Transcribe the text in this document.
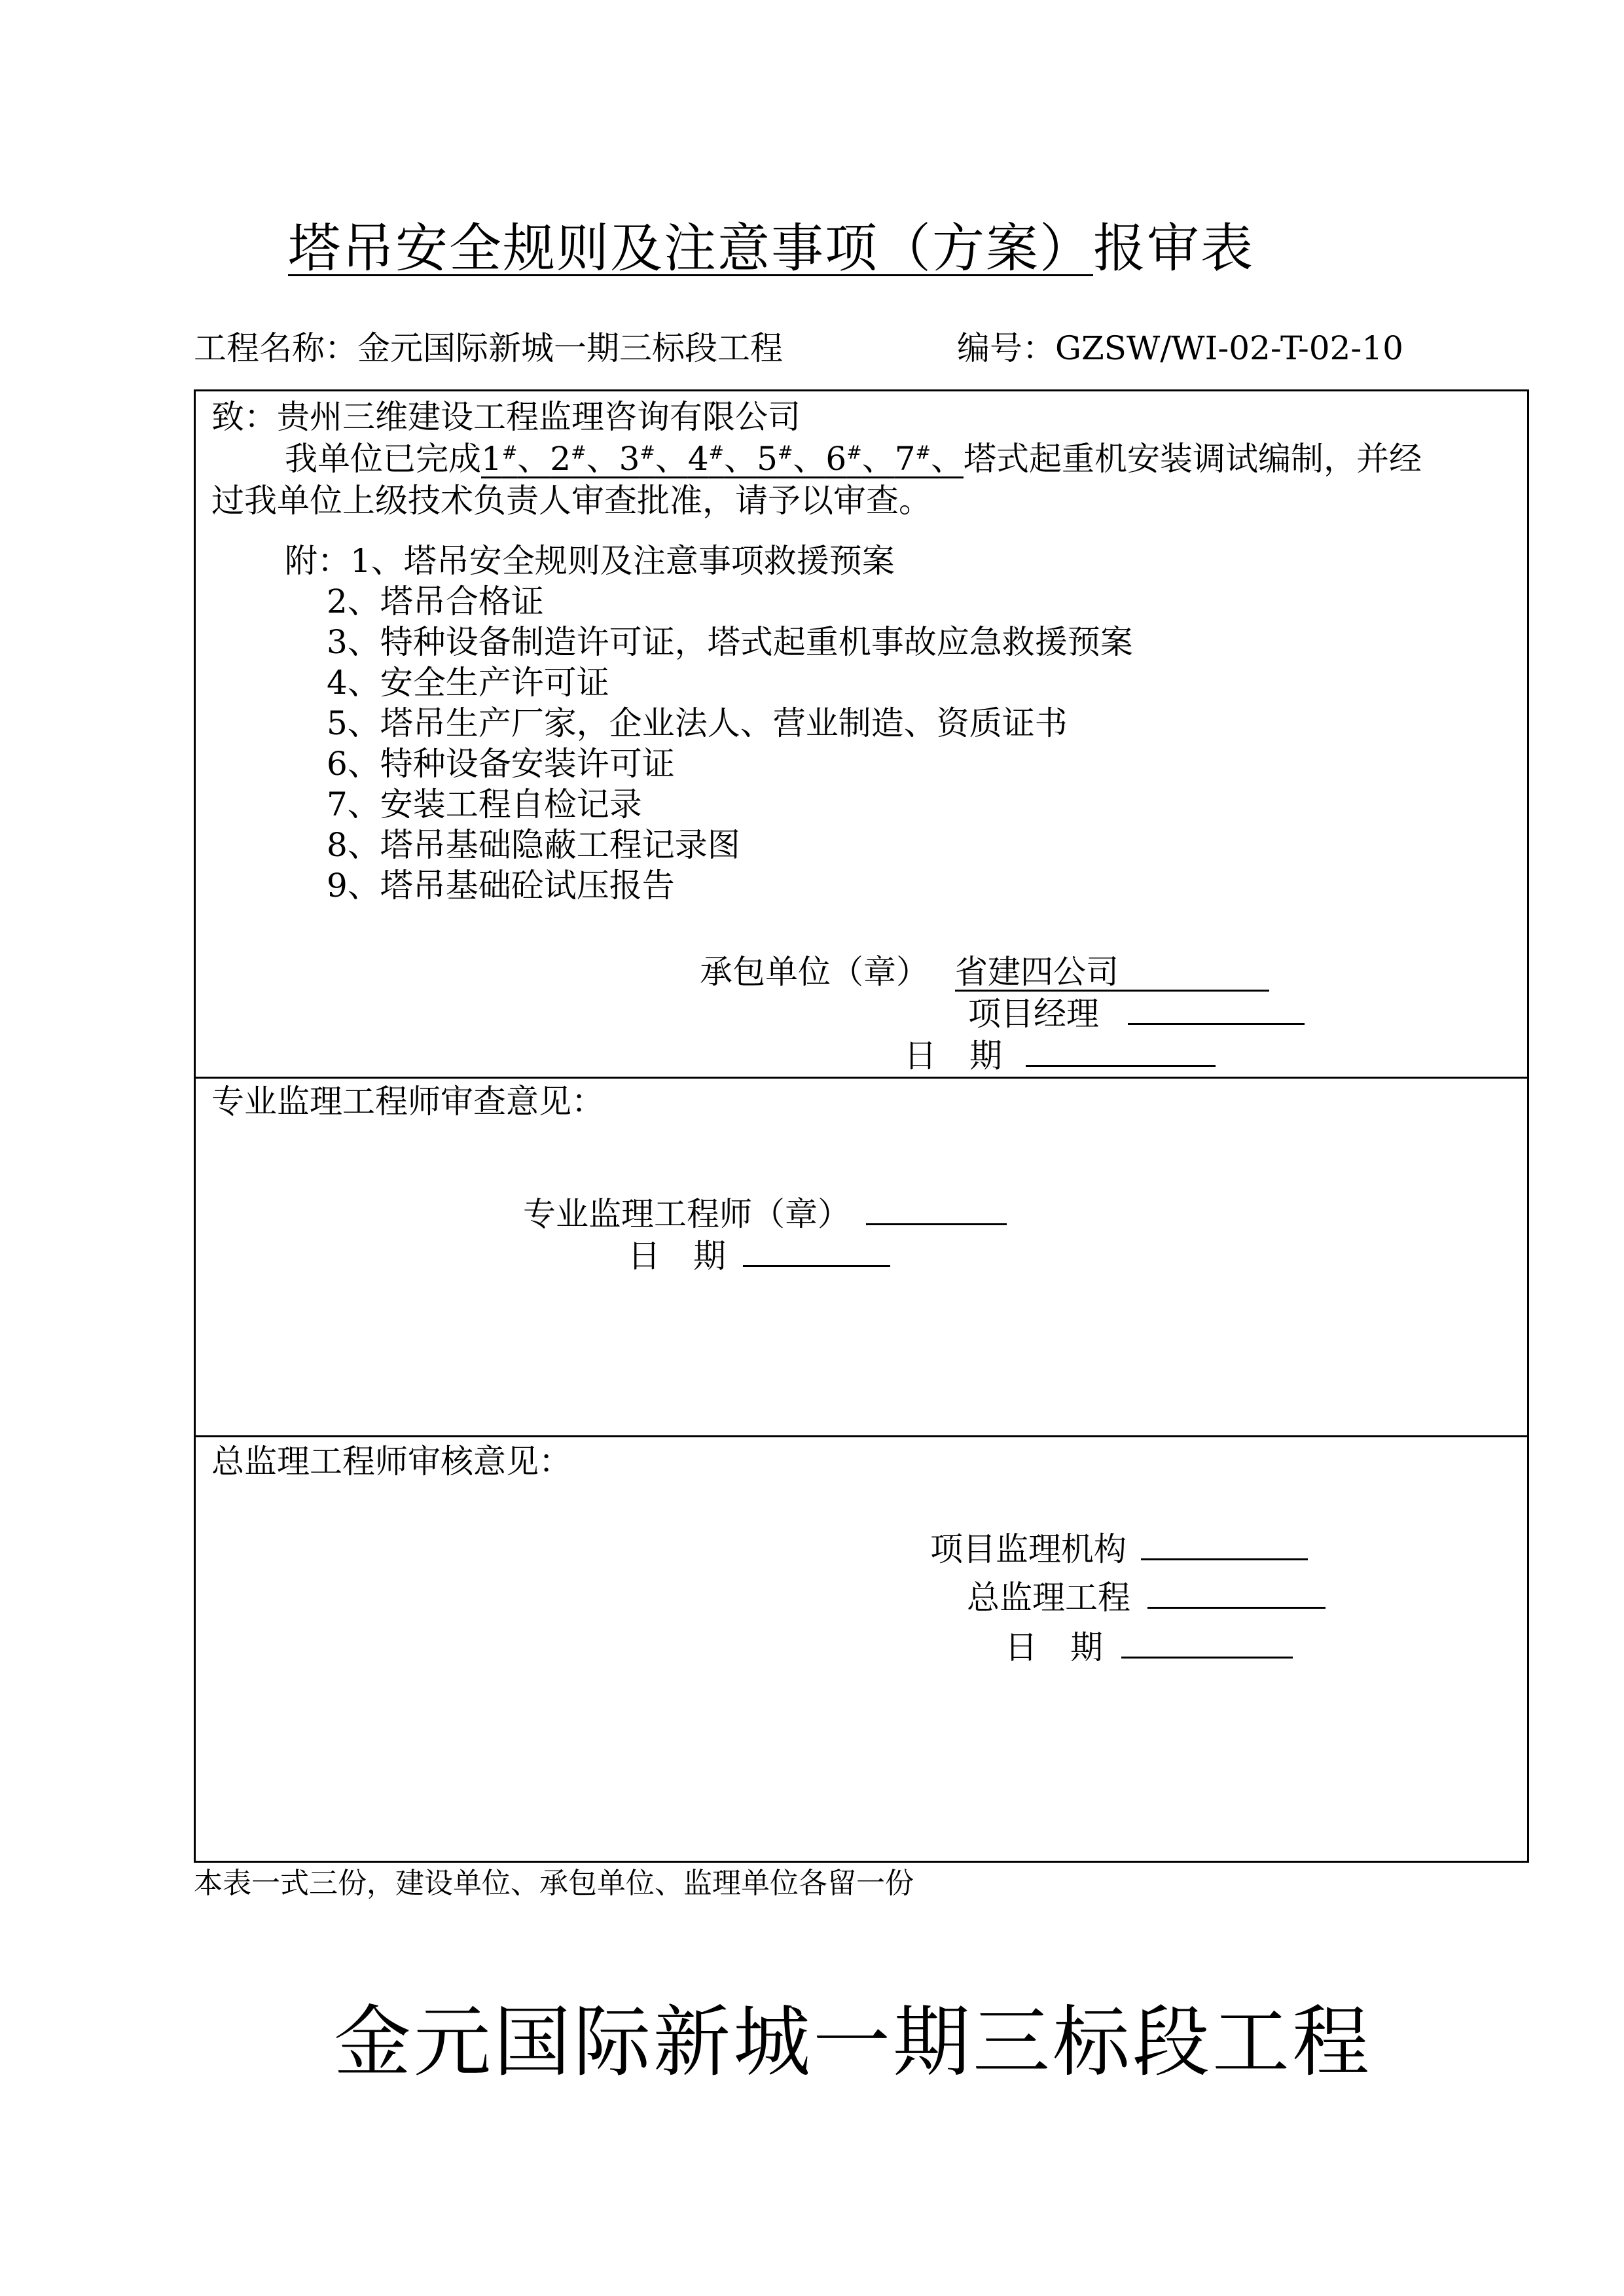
塔吊安全规则及注意事项（方案）报审表
工程名称：金元国际新城一期三标段工程	编号：GZSW/WI-02-T-02-10
致：贵州三维建设工程监理咨询有限公司
我单位已完成1#、2#、3#、4#、5#、6#、7#、塔式起重机安装调试编制，并经
过我单位上级技术负责人审查批准，请予以审查。
附：1、塔吊安全规则及注意事项救援预案
2、塔吊合格证
3、特种设备制造许可证，塔式起重机事故应急救援预案
4、安全生产许可证
5、塔吊生产厂家，企业法人、营业制造、资质证书
6、特种设备安装许可证
7、安装工程自检记录
8、塔吊基础隐蔽工程记录图
9、塔吊基础砼试压报告
承包单位（章） 省建四公司
项目经理
日　期
专业监理工程师审查意见：
专业监理工程师（章）
日　期
总监理工程师审核意见：
项目监理机构
总监理工程
日　期
本表一式三份，建设单位、承包单位、监理单位各留一份
金元国际新城一期三标段工程
